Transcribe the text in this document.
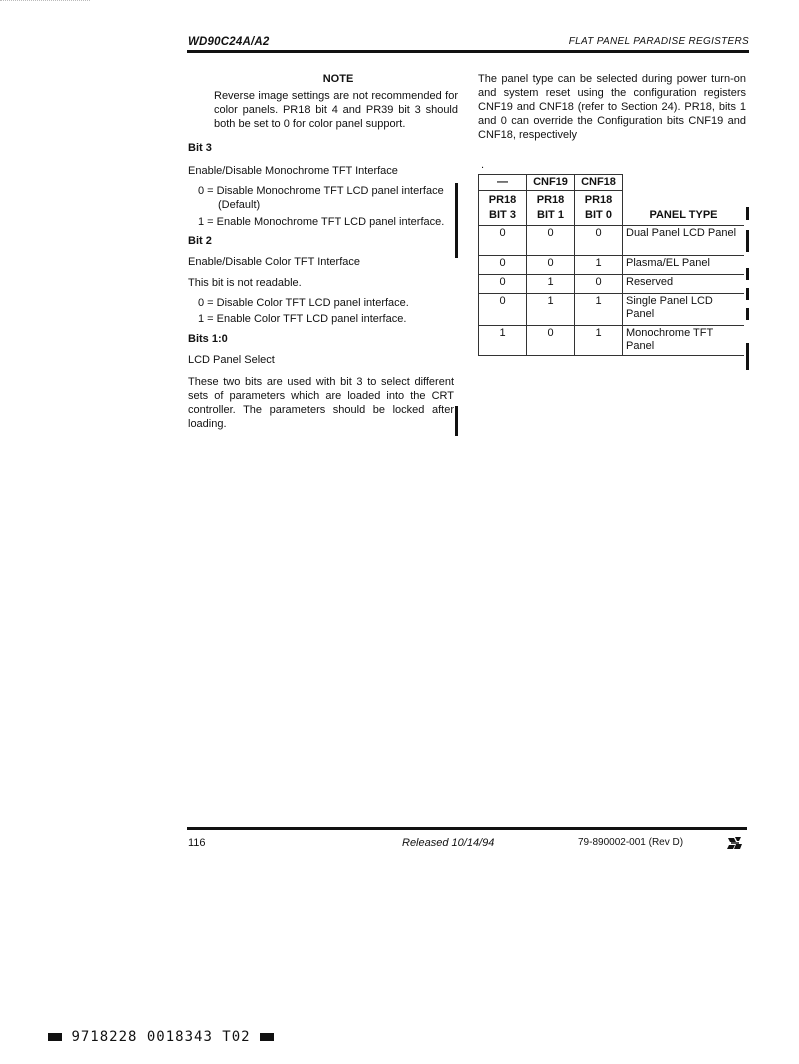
WD90C24A/A2	FLAT PANEL PARADISE REGISTERS
NOTE
Reverse image settings are not recommended for color panels. PR18 bit 4 and PR39 bit 3 should both be set to 0 for color panel support.
Bit 3
Enable/Disable Monochrome TFT Interface
0 = Disable Monochrome TFT LCD panel interface (Default)
1 = Enable Monochrome TFT LCD panel interface.
Bit 2
Enable/Disable Color TFT Interface
This bit is not readable.
0 = Disable Color TFT LCD panel interface.
1 = Enable Color TFT LCD panel interface.
Bits 1:0
LCD Panel Select
These two bits are used with bit 3 to select different sets of parameters which are loaded into the CRT controller. The parameters should be locked after loading.
The panel type can be selected during power turn-on and system reset using the configuration registers CNF19 and CNF18 (refer to Section 24). PR18, bits 1 and 0 can override the Configuration bits CNF19 and CNF18, respectively
.
—	CNF19	CNF18	PANEL TYPE
PR18 BIT 3	PR18 BIT 1	PR18 BIT 0	
0	0	0	Dual Panel LCD Panel
0	0	1	Plasma/EL Panel
0	1	0	Reserved
0	1	1	Single Panel LCD Panel
1	0	1	Monochrome TFT Panel
116	Released 10/14/94	79-890002-001 (Rev D)
9718228 0018343 T02
